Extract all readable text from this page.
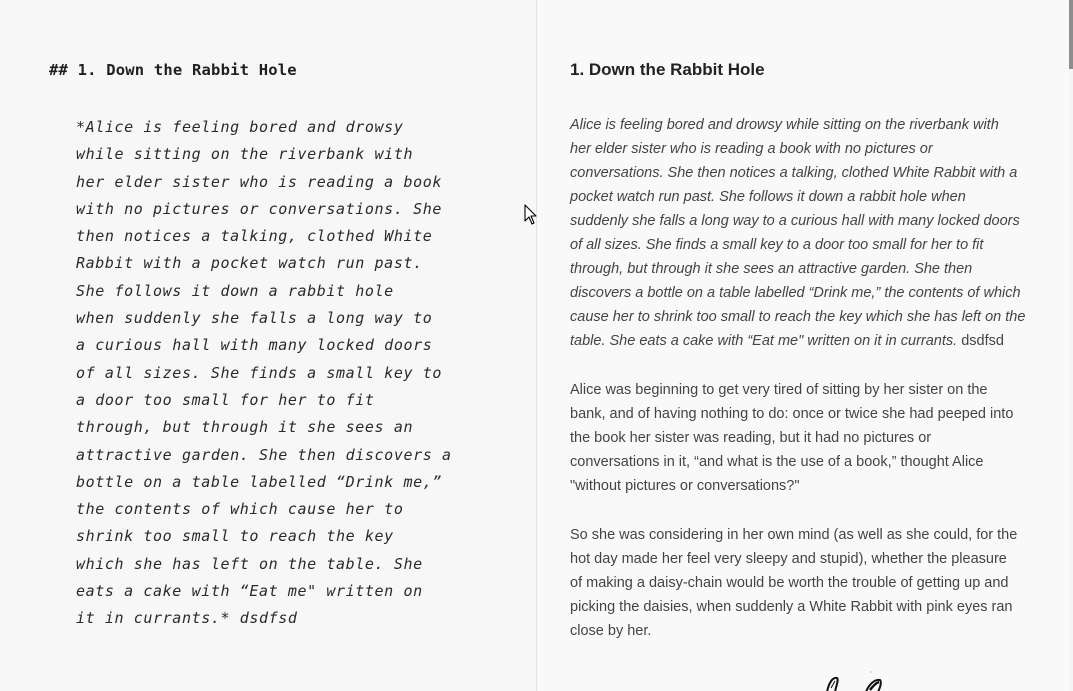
## 1. Down the Rabbit Hole
*Alice is feeling bored and drowsy
while sitting on the riverbank with
her elder sister who is reading a book
with no pictures or conversations. She
then notices a talking, clothed White
Rabbit with a pocket watch run past.
She follows it down a rabbit hole
when suddenly she falls a long way to
a curious hall with many locked doors
of all sizes. She finds a small key to
a door too small for her to fit
through, but through it she sees an
attractive garden. She then discovers a
bottle on a table labelled “Drink me,”
the contents of which cause her to
shrink too small to reach the key
which she has left on the table. She
eats a cake with “Eat me" written on
it in currants.* dsdfsd
1. Down the Rabbit Hole
Alice is feeling bored and drowsy while sitting on the riverbank with
her elder sister who is reading a book with no pictures or
conversations. She then notices a talking, clothed White Rabbit with a
pocket watch run past. She follows it down a rabbit hole when
suddenly she falls a long way to a curious hall with many locked doors
of all sizes. She finds a small key to a door too small for her to fit
through, but through it she sees an attractive garden. She then
discovers a bottle on a table labelled “Drink me,” the contents of which
cause her to shrink too small to reach the key which she has left on the
table. She eats a cake with “Eat me" written on it in currants. dsdfsd
Alice was beginning to get very tired of sitting by her sister on the
bank, and of having nothing to do: once or twice she had peeped into
the book her sister was reading, but it had no pictures or
conversations in it, “and what is the use of a book,” thought Alice
"without pictures or conversations?"
So she was considering in her own mind (as well as she could, for the
hot day made her feel very sleepy and stupid), whether the pleasure
of making a daisy-chain would be worth the trouble of getting up and
picking the daisies, when suddenly a White Rabbit with pink eyes ran
close by her.
